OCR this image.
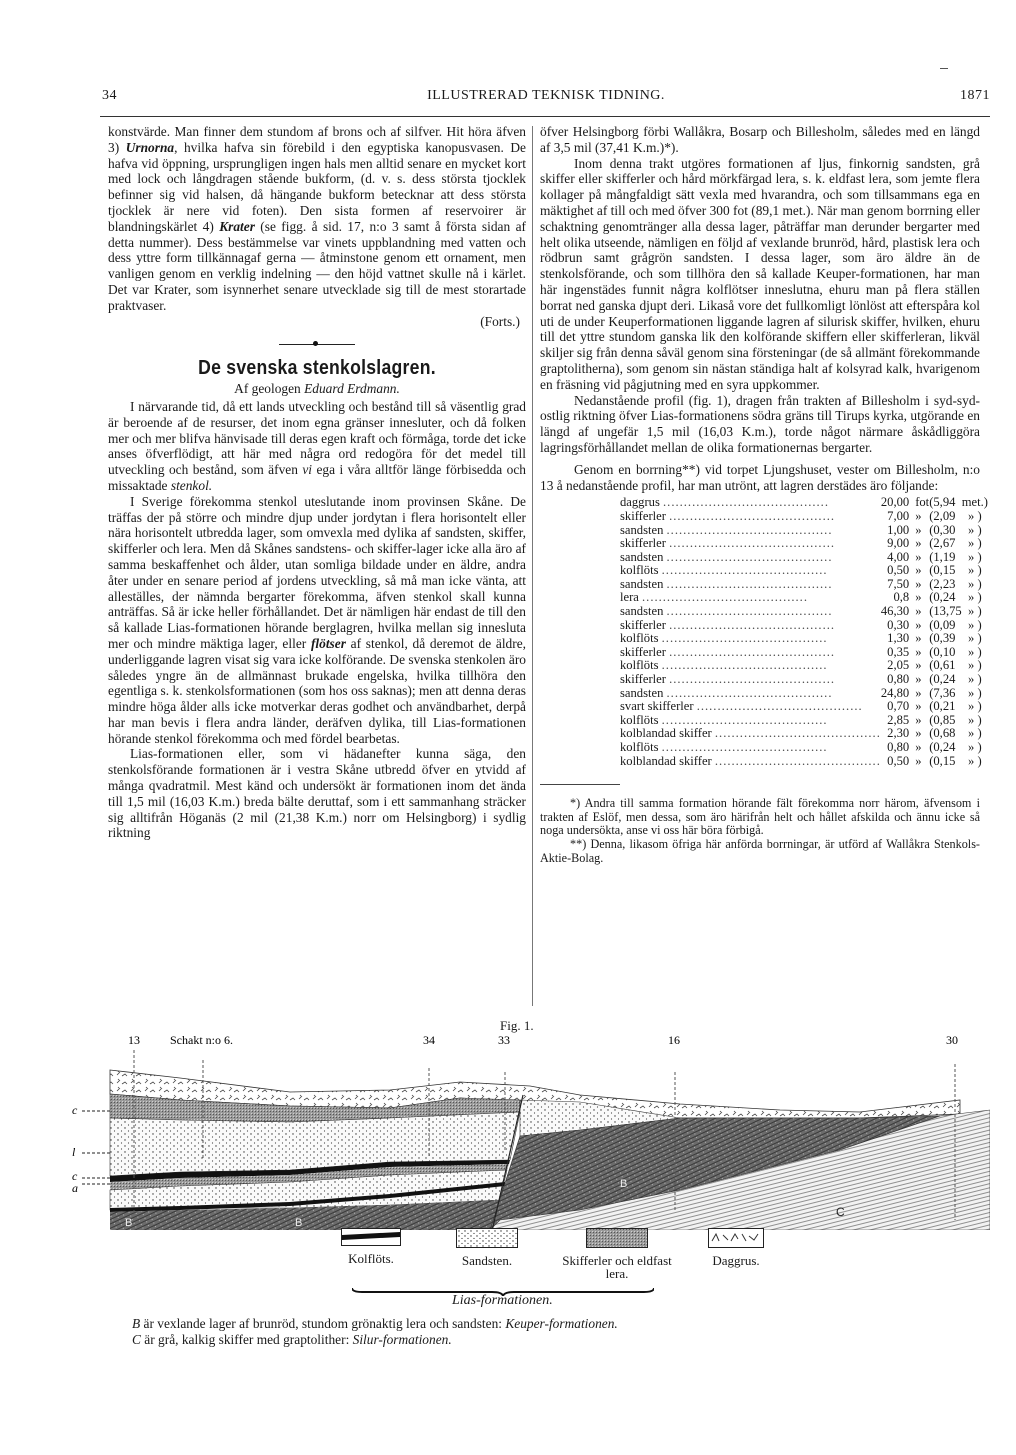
34	ILLUSTRERAD TEKNISK TIDNING.	1871

konstvärde. Man finner dem stundom af brons och af silfver. Hit höra äfven 3) Urnorna, hvilka hafva sin förebild i den egyptiska kanopusvasen. De hafva vid öppning, ursprungligen ingen hals men alltid senare en mycket kort med lock och långdragen stående bukform, (d. v. s. dess största tjocklek befinner sig vid halsen, då hängande bukform betecknar att dess största tjocklek är nere vid foten). Den sista formen af reservoirer är blandningskärlet 4) Krater (se figg. å sid. 17, n:o 3 samt å första sidan af detta nummer). Dess bestämmelse var vinets uppblandning med vatten och dess yttre form tillkännagaf gerna — åtminstone genom ett ornament, men vanligen genom en verklig indelning — den höjd vattnet skulle nå i kärlet. Det var Krater, som isynnerhet senare utvecklade sig till de mest storartade praktvaser.

(Forts.)

De svenska stenkolslagren.
Af geologen Eduard Erdmann.

I närvarande tid, då ett lands utveckling och bestånd till så väsentlig grad är beroende af de resurser, det inom egna gränser innesluter, och då folken mer och mer blifva hänvisade till deras egen kraft och förmåga, torde det icke anses öfverflödigt, att här med några ord redogöra för det medel till utveckling och bestånd, som äfven vi ega i våra alltför länge förbisedda och missaktade stenkol.

I Sverige förekomma stenkol uteslutande inom provinsen Skåne. De träffas der på större och mindre djup under jordytan i flera horisontelt eller nära horisontelt utbredda lager, som omvexla med dylika af sandsten, skiffer, skifferler och lera. Men då Skånes sandstens- och skiffer-lager icke alla äro af samma beskaffenhet och ålder, utan somliga bildade under en äldre, andra åter under en senare period af jordens utveckling, så må man icke vänta, att alleställes, der nämnda bergarter förekomma, äfven stenkol skall kunna anträffas. Så är icke heller förhållandet. Det är nämligen här endast de till den så kallade Lias-formationen hörande berglagren, hvilka mellan sig innesluta mer och mindre mäktiga lager, eller flötser af stenkol, då deremot de äldre, underliggande lagren visat sig vara icke kolförande. De svenska stenkolen äro således yngre än de allmännast brukade engelska, hvilka tillhöra den egentliga s. k. stenkolsformationen (som hos oss saknas); men att denna deras mindre höga ålder alls icke motverkar deras godhet och användbarhet, derpå har man bevis i flera andra länder, deräfven dylika, till Lias-formationen hörande stenkol förekomma och med fördel bearbetas.

Lias-formationen eller, som vi hädanefter kunna säga, den stenkolsförande formationen är i vestra Skåne utbredd öfver en ytvidd af många qvadratmil. Mest känd och undersökt är formationen inom det ända till 1,5 mil (16,03 K.m.) breda bälte deruttaf, som i ett sammanhang sträcker sig alltifrån Höganäs (2 mil (21,38 K.m.) norr om Helsingborg) i sydlig riktning

öfver Helsingborg förbi Wallåkra, Bosarp och Billesholm, således med en längd af 3,5 mil (37,41 K.m.)*).

Inom denna trakt utgöres formationen af ljus, finkornig sandsten, grå skiffer eller skifferler och hård mörkfärgad lera, s. k. eldfast lera, som jemte flera kollager på mångfaldigt sätt vexla med hvarandra, och som tillsammans ega en mäktighet af till och med öfver 300 fot (89,1 met.). När man genom borrning eller schaktning genomtränger alla dessa lager, påträffar man derunder bergarter med helt olika utseende, nämligen en följd af vexlande brunröd, hård, plastisk lera och rödbrun samt grågrön sandsten. I dessa lager, som äro äldre än de stenkolsförande, och som tillhöra den så kallade Keuper-formationen, har man här ingenstädes funnit några kolflötser inneslutna, ehuru man på flera ställen borrat ned ganska djupt deri. Likaså vore det fullkomligt lönlöst att efterspåra kol uti de under Keuperformationen liggande lagren af silurisk skiffer, hvilken, ehuru till det yttre stundom ganska lik den kolförande skiffern eller skifferleran, likväl skiljer sig från denna såväl genom sina försteningar (de så allmänt förekommande graptolitherna), som genom sin nästan ständiga halt af kolsyrad kalk, hvarigenom en fräsning vid pågjutning med en syra uppkommer.

Nedanstående profil (fig. 1), dragen från trakten af Billesholm i syd-syd-ostlig riktning öfver Lias-formationens södra gräns till Tirups kyrka, utgörande en längd af ungefär 1,5 mil (16,03 K.m.), torde något närmare åskådliggöra lagringsförhållandet mellan de olika formationernas bergarter.

Genom en borrning**) vid torpet Ljungshuset, vester om Billesholm, n:o 13 å nedanstående profil, har man utrönt, att lagren derstädes äro följande:

daggrus ........................................	20,00	fot	(5,94	met.)
skifferler ........................................	7,00	»	(2,09	» )
sandsten ........................................	1,00	»	(0,30	» )
skifferler ........................................	9,00	»	(2,67	» )
sandsten ........................................	4,00	»	(1,19	» )
kolflöts ........................................	0,50	»	(0,15	» )
sandsten ........................................	7,50	»	(2,23	» )
lera ........................................	0,8	»	(0,24	» )
sandsten ........................................	46,30	»	(13,75	» )
skifferler ........................................	0,30	»	(0,09	» )
kolflöts ........................................	1,30	»	(0,39	» )
skifferler ........................................	0,35	»	(0,10	» )
kolflöts ........................................	2,05	»	(0,61	» )
skifferler ........................................	0,80	»	(0,24	» )
sandsten ........................................	24,80	»	(7,36	» )
svart skifferler ........................................	0,70	»	(0,21	» )
kolflöts ........................................	2,85	»	(0,85	» )
kolblandad skiffer ........................................	2,30	»	(0,68	» )
kolflöts ........................................	0,80	»	(0,24	» )
kolblandad skiffer ........................................	0,50	»	(0,15	» )

*) Andra till samma formation hörande fält förekomma norr härom, äfvensom i trakten af Eslöf, men dessa, som äro härifrån helt och hållet afskilda och ännu icke så noga undersökta, anse vi oss här böra förbigå.

**) Denna, likasom öfriga här anförda borrningar, är utförd af Wallåkra Stenkols-Aktie-Bolag.

Fig. 1.
13	Schakt n:o 6.	34	33	16	30
c
l
c
a
B	B
B
C
Kolflöts.	Sandsten.	Skifferler och eldfast lera.
Daggrus.
Lias-formationen.
B är vexlande lager af brunröd, stundom grönaktig lera och sandsten: Keuper-formationen.
C är grå, kalkig skiffer med graptolither: Silur-formationen.
